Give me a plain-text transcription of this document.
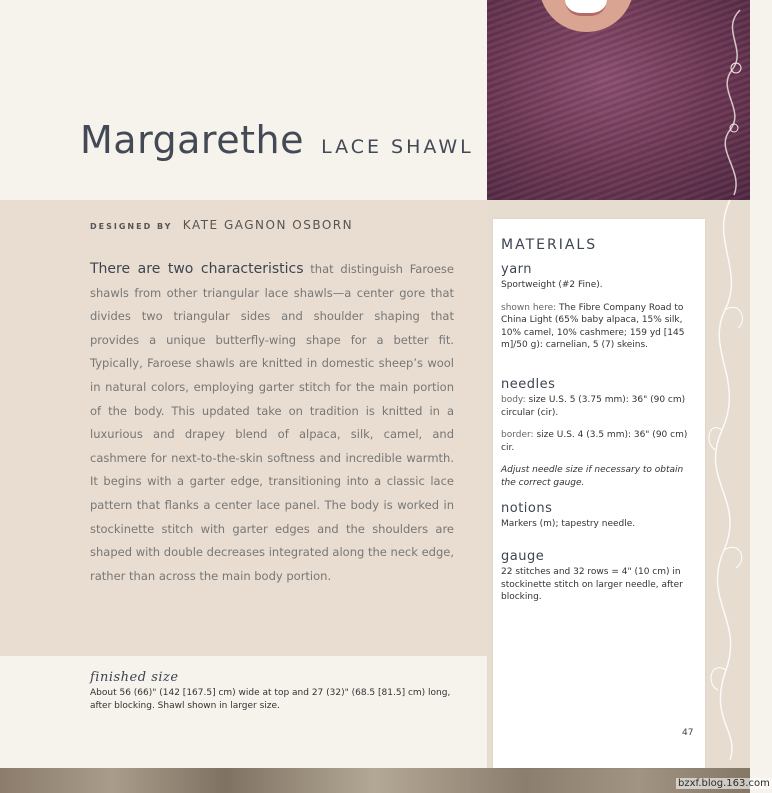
Margarethe LACE SHAWL
DESIGNED BY KATE GAGNON OSBORN

There are two characteristics that distinguish Faroese shawls from other triangular lace shawls—a center gore that divides two triangular sides and shoulder shaping that provides a unique butterfly-wing shape for a better fit. Typically, Faroese shawls are knitted in domestic sheep’s wool in natural colors, employing garter stitch for the main portion of the body. This updated take on tradition is knitted in a luxurious and drapey blend of alpaca, silk, camel, and cashmere for next-to-the-skin softness and incredible warmth. It begins with a garter edge, transitioning into a classic lace pattern that flanks a center lace panel. The body is worked in stockinette stitch with garter edges and the shoulders are shaped with double decreases integrated along the neck edge, rather than across the main body portion.

finished size
About 56 (66)" (142 [167.5] cm) wide at top and 27 (32)" (68.5 [81.5] cm) long, after blocking. Shawl shown in larger size.
MATERIALS
yarn

Sportweight (#2 Fine).

shown here: The Fibre Company Road to China Light (65% baby alpaca, 15% silk, 10% camel, 10% cashmere; 159 yd [145 m]/50 g): carnelian, 5 (7) skeins.

needles

body: size U.S. 5 (3.75 mm): 36" (90 cm) circular (cir).

border: size U.S. 4 (3.5 mm): 36" (90 cm) cir.

Adjust needle size if necessary to obtain the correct gauge.

notions

Markers (m); tapestry needle.

gauge

22 stitches and 32 rows = 4" (10 cm) in stockinette stitch on larger needle, after blocking.

47
bzxf.blog.163.com
